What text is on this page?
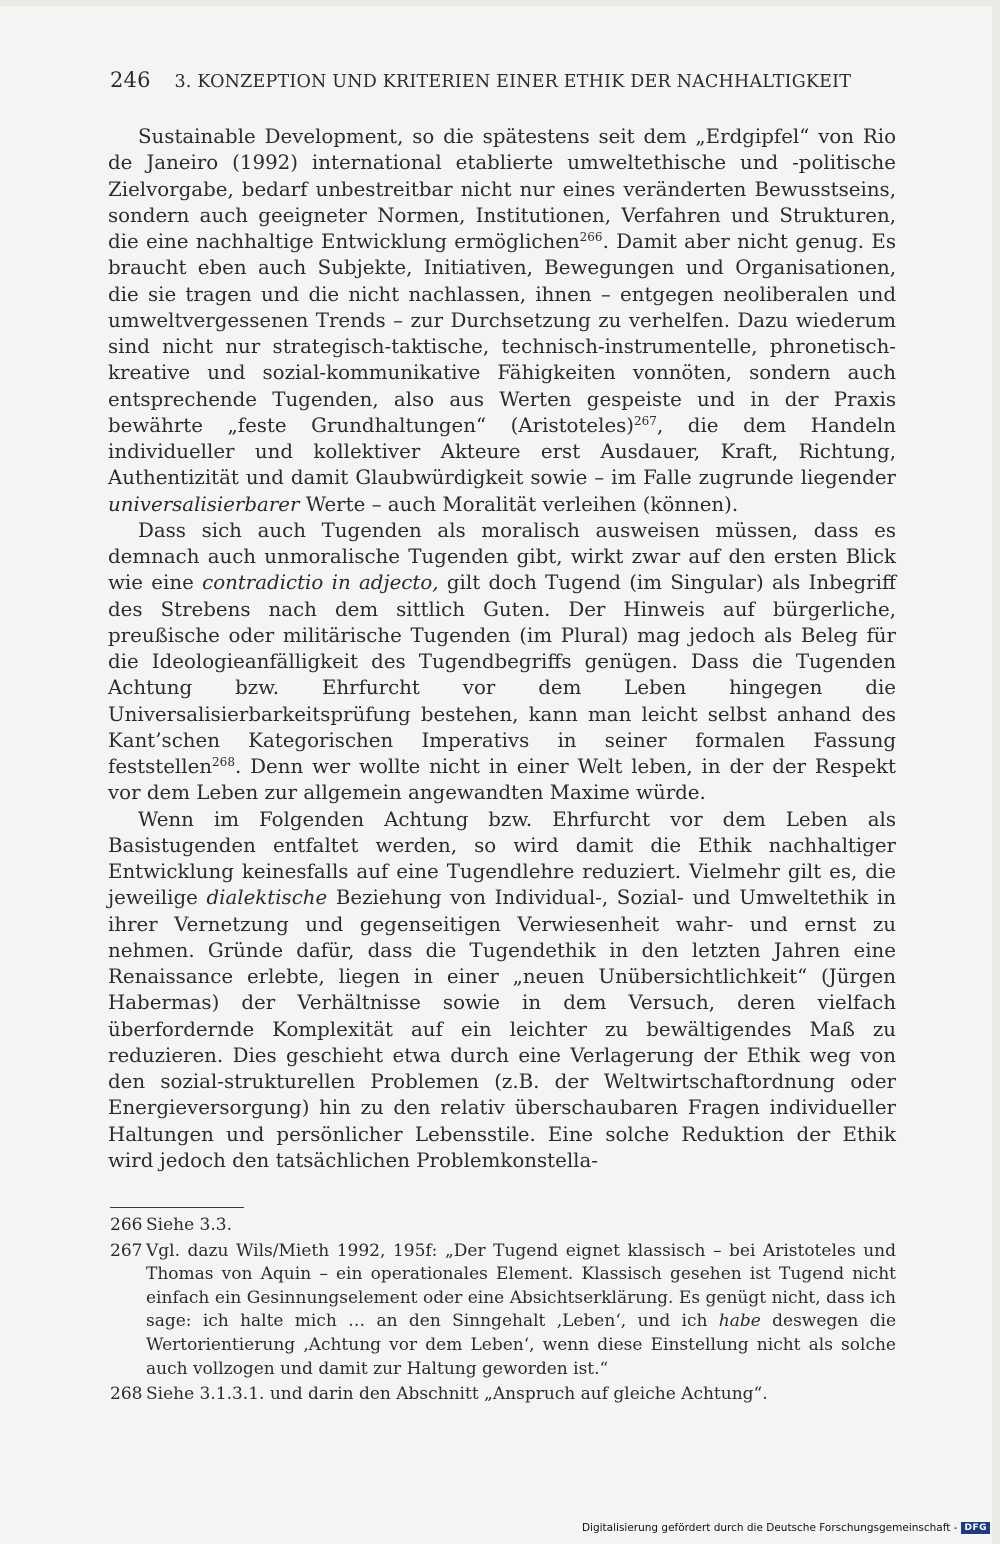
246 3. KONZEPTION UND KRITERIEN EINER ETHIK DER NACHHALTIGKEIT

Sustainable Development, so die spätestens seit dem „Erdgipfel“ von Rio de Janeiro (1992) international etablierte umweltethische und -politische Zielvorgabe, bedarf unbestreitbar nicht nur eines veränderten Bewusstseins, sondern auch geeigneter Normen, Institutionen, Verfahren und Strukturen, die eine nachhaltige Entwicklung ermöglichen$^{266}$. Damit aber nicht genug. Es braucht eben auch Subjekte, Initiativen, Bewegungen und Organisationen, die sie tragen und die nicht nachlassen, ihnen – entgegen neoliberalen und umweltvergessenen Trends – zur Durchsetzung zu verhelfen. Dazu wiederum sind nicht nur strategisch-taktische, technisch-instrumentelle, phronetisch-kreative und sozial-kommunikative Fähigkeiten vonnöten, sondern auch entsprechende Tugenden, also aus Werten gespeiste und in der Praxis bewährte „feste Grundhaltungen“ (Aristoteles)$^{267}$, die dem Handeln individueller und kollektiver Akteure erst Ausdauer, Kraft, Richtung, Authentizität und damit Glaubwürdigkeit sowie – im Falle zugrunde liegender universalisierbarer Werte – auch Moralität verleihen (können).

Dass sich auch Tugenden als moralisch ausweisen müssen, dass es demnach auch unmoralische Tugenden gibt, wirkt zwar auf den ersten Blick wie eine contradictio in adjecto, gilt doch Tugend (im Singular) als Inbegriff des Strebens nach dem sittlich Guten. Der Hinweis auf bürgerliche, preußische oder militärische Tugenden (im Plural) mag jedoch als Beleg für die Ideologieanfälligkeit des Tugendbegriffs genügen. Dass die Tugenden Achtung bzw. Ehrfurcht vor dem Leben hingegen die Universalisierbarkeitsprüfung bestehen, kann man leicht selbst anhand des Kant’schen Kategorischen Imperativs in seiner formalen Fassung feststellen$^{268}$. Denn wer wollte nicht in einer Welt leben, in der der Respekt vor dem Leben zur allgemein angewandten Maxime würde.

Wenn im Folgenden Achtung bzw. Ehrfurcht vor dem Leben als Basistugenden entfaltet werden, so wird damit die Ethik nachhaltiger Entwicklung keinesfalls auf eine Tugendlehre reduziert. Vielmehr gilt es, die jeweilige dialektische Beziehung von Individual-, Sozial- und Umweltethik in ihrer Vernetzung und gegenseitigen Verwiesenheit wahr- und ernst zu nehmen. Gründe dafür, dass die Tugendethik in den letzten Jahren eine Renaissance erlebte, liegen in einer „neuen Unübersichtlichkeit“ (Jürgen Habermas) der Verhältnisse sowie in dem Versuch, deren vielfach überfordernde Komplexität auf ein leichter zu bewältigendes Maß zu reduzieren. Dies geschieht etwa durch eine Verlagerung der Ethik weg von den sozial-strukturellen Problemen (z.B. der Weltwirtschaftordnung oder Energieversorgung) hin zu den relativ überschaubaren Fragen individueller Haltungen und persönlicher Lebensstile. Eine solche Reduktion der Ethik wird jedoch den tatsächlichen Problemkonstella-

266 Siehe 3.3.
267 Vgl. dazu Wils/Mieth 1992, 195f: „Der Tugend eignet klassisch – bei Aristoteles und Thomas von Aquin – ein operationales Element. Klassisch gesehen ist Tugend nicht einfach ein Gesinnungselement oder eine Absichtserklärung. Es genügt nicht, dass ich sage: ich halte mich … an den Sinngehalt ‚Leben‘, und ich habe deswegen die Wertorientierung ‚Achtung vor dem Leben‘, wenn diese Einstellung nicht als solche auch vollzogen und damit zur Haltung geworden ist.“
268 Siehe 3.1.3.1. und darin den Abschnitt „Anspruch auf gleiche Achtung“.
Digitalisierung gefördert durch die Deutsche Forschungsgemeinschaft - DFG
